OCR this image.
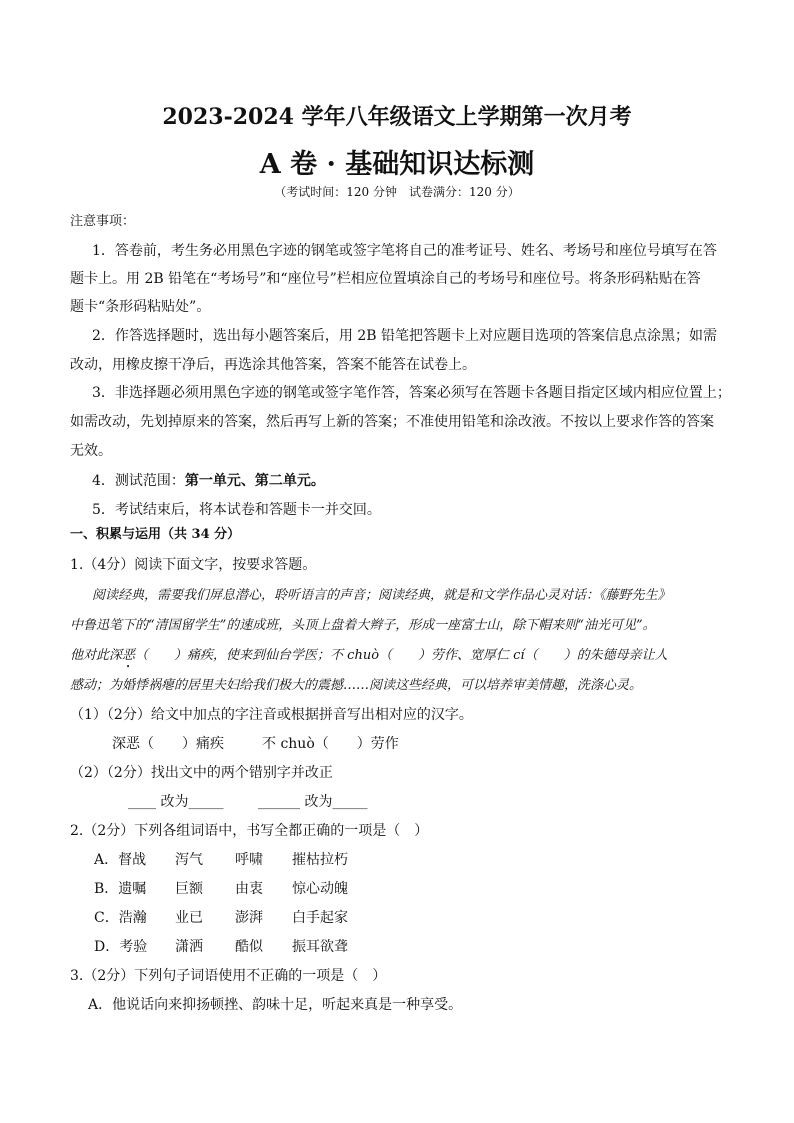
2023-2024 学年八年级语文上学期第一次月考
A 卷 · 基础知识达标测
（考试时间：120 分钟　试卷满分：120 分）
注意事项：
1．答卷前，考生务必用黑色字迹的钢笔或签字笔将自己的准考证号、姓名、考场号和座位号填写在答
题卡上。用 2B 铅笔在“考场号”和“座位号”栏相应位置填涂自己的考场号和座位号。将条形码粘贴在答
题卡“条形码粘贴处”。
2．作答选择题时，选出每小题答案后，用 2B 铅笔把答题卡上对应题目选项的答案信息点涂黑；如需
改动，用橡皮擦干净后，再选涂其他答案，答案不能答在试卷上。
3．非选择题必须用黑色字迹的钢笔或签字笔作答，答案必须写在答题卡各题目指定区域内相应位置上；
如需改动，先划掉原来的答案，然后再写上新的答案；不准使用铅笔和涂改液。不按以上要求作答的答案
无效。
4．测试范围：第一单元、第二单元。
5．考试结束后，将本试卷和答题卡一并交回。
一、积累与运用（共 34 分）
1.（4分）阅读下面文字，按要求答题。
阅读经典，需要我们屏息潜心，聆听语言的声音；阅读经典，就是和文学作品心灵对话：《藤野先生》
中鲁迅笔下的“清国留学生”的速成班，头顶上盘着大辫子，形成一座富士山，除下帽来则“油光可见”。
他对此深恶（　　）痛疾，使来到仙台学医；不 chuò（　　）劳作、宽厚仁 cí（　　）的朱德母亲让人
感动；为婚悸祸瘪的居里夫妇给我们极大的震撼……阅读这些经典，可以培养审美情趣，洗涤心灵。
（1）（2分）给文中加点的字注音或根据拼音写出相对应的汉字。
深恶（　　）痛疾	不 chuò（　　）劳作
（2）（2分）找出文中的两个错别字并改正
____ 改为_____ ______ 改为_____
2.（2分）下列各组词语中，书写全都正确的一项是（　）
A．督战 泻气 呼啸 摧枯拉朽
B．遗嘱 巨额 由衷 惊心动魄
C．浩瀚 业已 澎湃 白手起家
D．考验 潇洒 酷似 振耳欲聋
3.（2分）下列句子词语使用不正确的一项是（　）
A．他说话向来抑扬顿挫、韵味十足，听起来真是一种享受。
